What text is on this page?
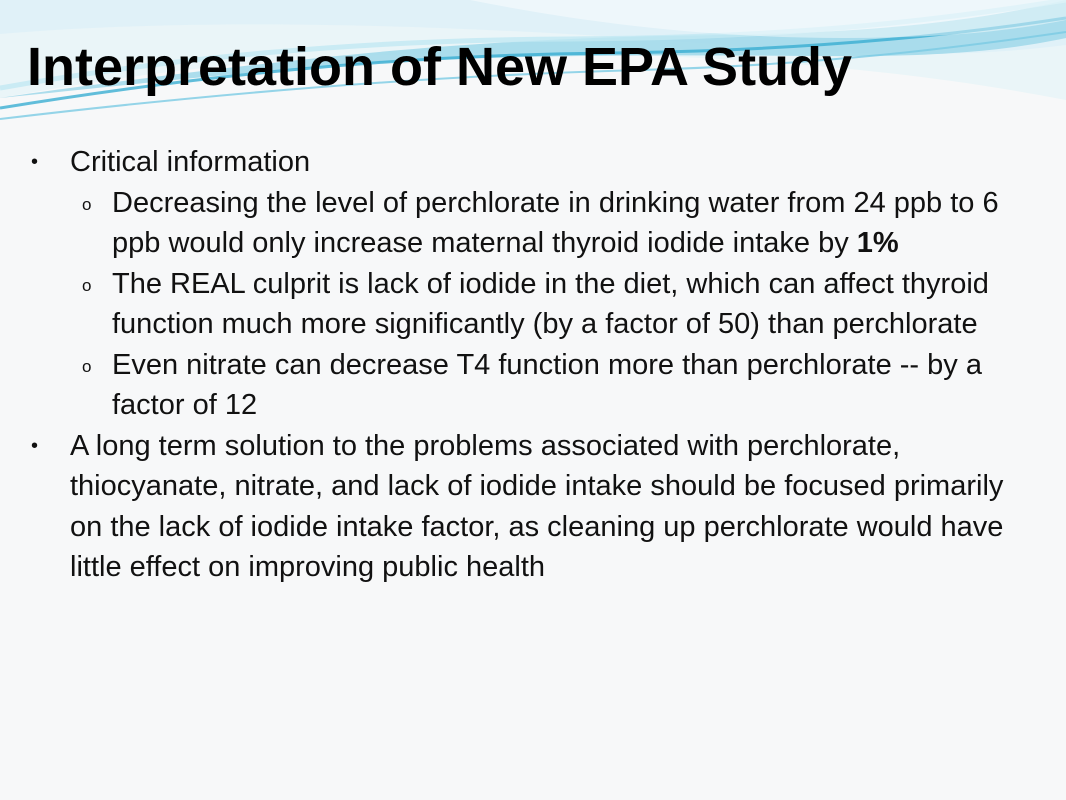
Interpretation of New EPA Study
• Critical information
o Decreasing the level of perchlorate in drinking water from 24 ppb to 6 ppb would only increase maternal thyroid iodide intake by 1%
o The REAL culprit is lack of iodide in the diet, which can affect thyroid function much more significantly (by a factor of 50) than perchlorate
o Even nitrate can decrease T4 function more than perchlorate -- by a factor of 12
• A long term solution to the problems associated with perchlorate, thiocyanate, nitrate, and lack of iodide intake should be focused primarily on the lack of iodide intake factor, as cleaning up perchlorate would have little effect on improving public health
